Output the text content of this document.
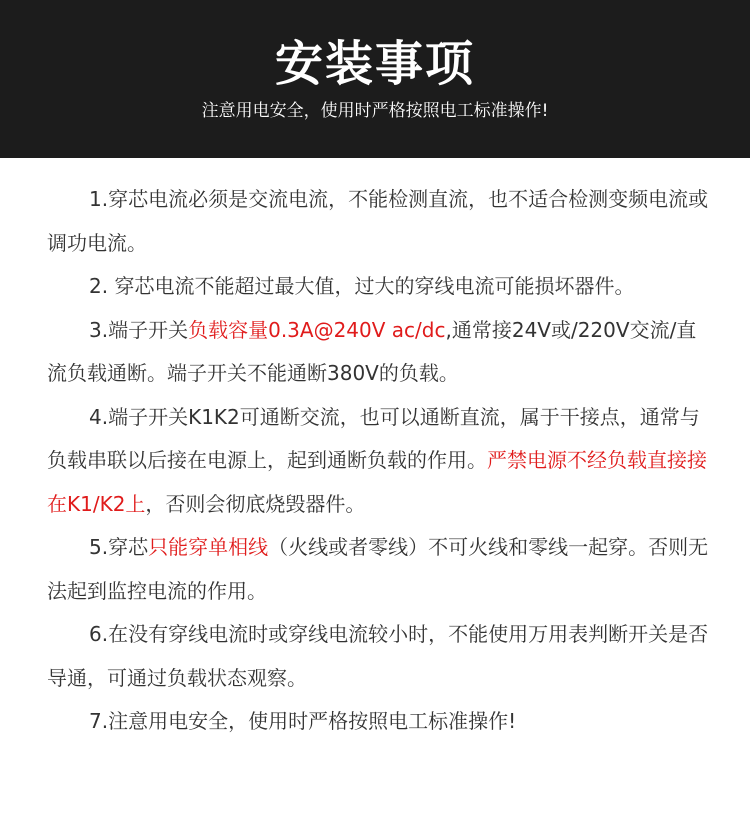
安装事项
注意用电安全，使用时严格按照电工标准操作!

1.穿芯电流必须是交流电流，不能检测直流，也不适合检测变频电流或调功电流。

2. 穿芯电流不能超过最大值，过大的穿线电流可能损坏器件。

3.端子开关负载容量0.3A@240V ac/dc,通常接24V或/220V交流/直流负载通断。端子开关不能通断380V的负载。

4.端子开关K1K2可通断交流，也可以通断直流，属于干接点，通常与负载串联以后接在电源上，起到通断负载的作用。严禁电源不经负载直接接在K1/K2上，否则会彻底烧毁器件。

5.穿芯只能穿单相线（火线或者零线）不可火线和零线一起穿。否则无法起到监控电流的作用。

6.在没有穿线电流时或穿线电流较小时，不能使用万用表判断开关是否导通，可通过负载状态观察。

7.注意用电安全，使用时严格按照电工标准操作!
